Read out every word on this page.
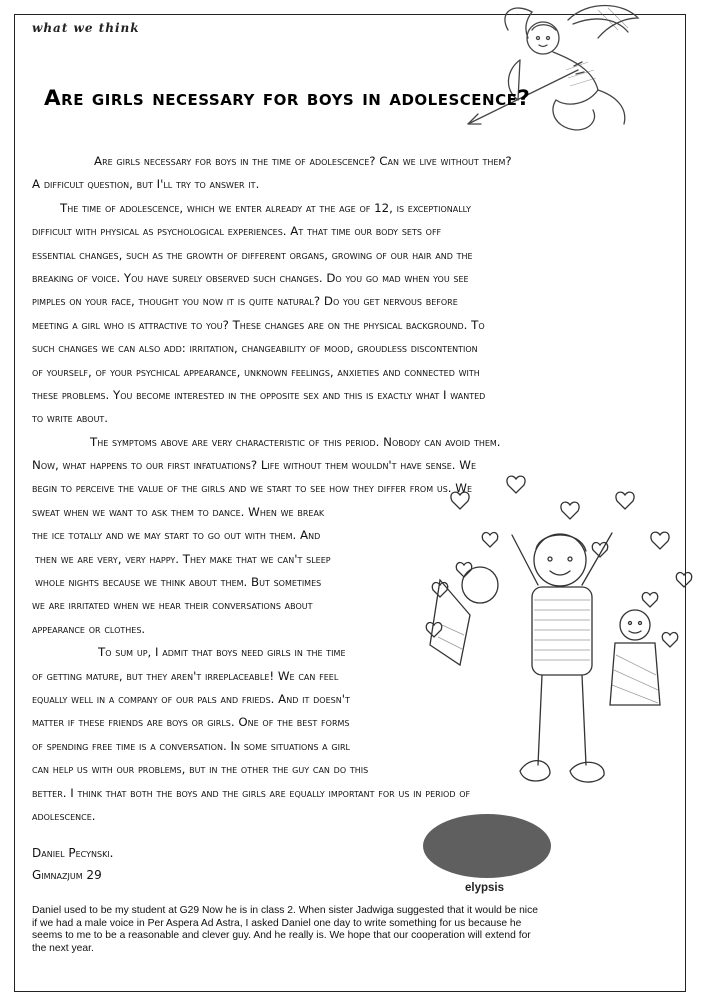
what we think
Are girls necessary for boys in adolescence?
Are girls necessary for boys in the time of adolescence? Can we live without them?
A difficult question, but I'll try to answer it.
The time of adolescence, which we enter already at the age of 12, is exceptionally
difficult with physical as psychological experiences. At that time our body sets off
essential changes, such as the growth of different organs, growing of our hair and the
breaking of voice. You have surely observed such changes. Do you go mad when you see
pimples on your face, thought you now it is quite natural? Do you get nervous before
meeting a girl who is attractive to you? These changes are on the physical background. To
such changes we can also add: irritation, changeability of mood, groudless discontention
of yourself, of your psychical appearance, unknown feelings, anxieties and connected with
these problems. You become interested in the opposite sex and this is exactly what I wanted
to write about.
The symptoms above are very characteristic of this period. Nobody can avoid them.
Now, what happens to our first infatuations? Life without them wouldn't have sense. We
begin to perceive the value of the girls and we start to see how they differ from us. We
sweat when we want to ask them to dance. When we break
the ice totally and we may start to go out with them. And
then we are very, very happy. They make that we can't sleep
whole nights because we think about them. But sometimes
we are irritated when we hear their conversations about
appearance or clothes.
To sum up, I admit that boys need girls in the time
of getting mature, but they aren't irreplaceable! We can feel
equally well in a company of our pals and frieds. And it doesn't
matter if these friends are boys or girls. One of the best forms
of spending free time is a conversation. In some situations a girl
can help us with our problems, but in the other the guy can do this
better. I think that both the boys and the girls are equally important for us in period of
adolescence.
elypsis
Daniel Pecynski.
Gimnazjum 29
Daniel used to be my student at G29 Now he is in class 2. When sister Jadwiga suggested that it would be nice
if we had a male voice in Per Aspera Ad Astra, I asked Daniel one day to write something for us because he
seems to me to be a reasonable and clever guy. And he really is. We hope that our cooperation will extend for
the next year.
